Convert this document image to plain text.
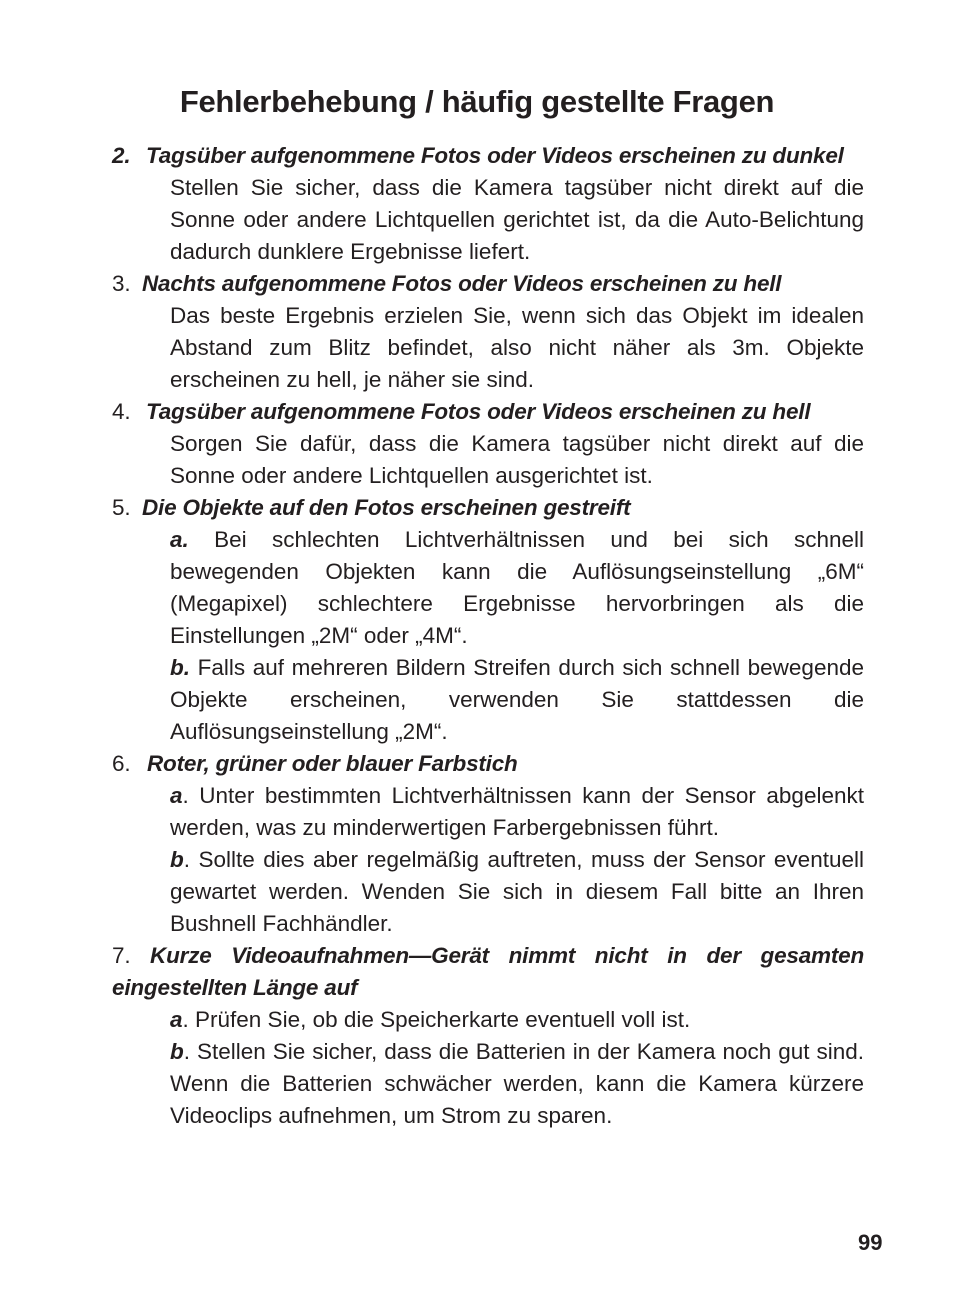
Fehlerbehebung / häufig gestellte Fragen
2. Tagsüber aufgenommene Fotos oder Videos erscheinen zu dunkel
Stellen Sie sicher, dass die Kamera tagsüber nicht direkt auf die Sonne oder andere Lichtquellen gerichtet ist, da die Auto-Belichtung dadurch dunklere Ergebnisse liefert.
3. Nachts aufgenommene Fotos oder Videos erscheinen zu hell
Das beste Ergebnis erzielen Sie, wenn sich das Objekt im idealen Abstand zum Blitz befindet, also nicht näher als 3m. Objekte erscheinen zu hell, je näher sie sind.
4. Tagsüber aufgenommene Fotos oder Videos erscheinen zu hell
Sorgen Sie dafür, dass die Kamera tagsüber nicht direkt auf die Sonne oder andere Lichtquellen ausgerichtet ist.
5. Die Objekte auf den Fotos erscheinen gestreift
a. Bei schlechten Lichtverhältnissen und bei sich schnell bewegenden Objekten kann die Auflösungseinstellung „6M“ (Megapixel) schlechtere Ergebnisse hervorbringen als die Einstellungen „2M“ oder „4M“.
b. Falls auf mehreren Bildern Streifen durch sich schnell bewegende Objekte erscheinen, verwenden Sie stattdessen die Auflösungseinstellung „2M“.
6. Roter, grüner oder blauer Farbstich
a. Unter bestimmten Lichtverhältnissen kann der Sensor abgelenkt werden, was zu minderwertigen Farbergebnissen führt.
b. Sollte dies aber regelmäßig auftreten, muss der Sensor eventuell gewartet werden. Wenden Sie sich in diesem Fall bitte an Ihren Bushnell Fachhändler.
7. Kurze Videoaufnahmen—Gerät nimmt nicht in der gesamten eingestellten Länge auf
a. Prüfen Sie, ob die Speicherkarte eventuell voll ist.
b. Stellen Sie sicher, dass die Batterien in der Kamera noch gut sind. Wenn die Batterien schwächer werden, kann die Kamera kürzere Videoclips aufnehmen, um Strom zu sparen.
99
